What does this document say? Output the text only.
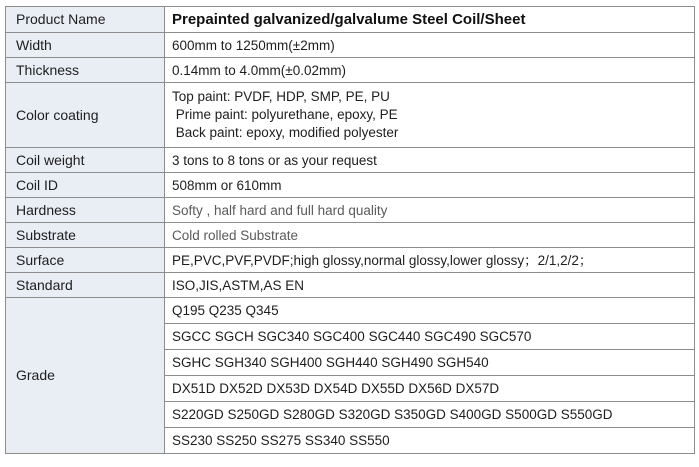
Product Name	Prepainted galvanized/galvalume Steel Coil/Sheet
Width	600mm to 1250mm(±2mm)
Thickness	0.14mm to 4.0mm(±0.02mm)
Color coating	Top paint: PVDF, HDP, SMP, PE, PU
Prime paint: polyurethane, epoxy, PE
Back paint: epoxy, modified polyester

Coil weight	3 tons to 8 tons or as your request
Coil ID	508mm or 610mm
Hardness	Softy , half hard and full hard quality
Substrate	Cold rolled Substrate
Surface	PE,PVC,PVF,PVDF;high glossy,normal glossy,lower glossy；2/1,2/2；
Standard	ISO,JIS,ASTM,AS EN
Grade	Q195 Q235 Q345
	SGCC SGCH SGC340 SGC400 SGC440 SGC490 SGC570
	SGHC SGH340 SGH400 SGH440 SGH490 SGH540
	DX51D DX52D DX53D DX54D DX55D DX56D DX57D
	S220GD S250GD S280GD S320GD S350GD S400GD S500GD S550GD
	SS230 SS250 SS275 SS340 SS550
